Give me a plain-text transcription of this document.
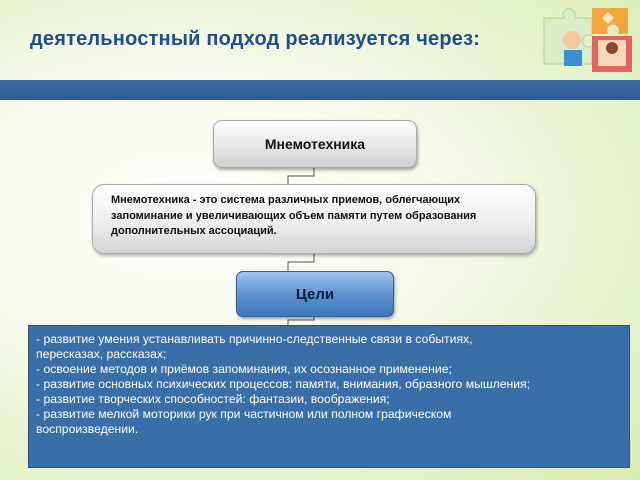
деятельностный подход реализуется через:
Мнемотехника
Мнемотехника - это система различных приемов, облегчающих запоминание и увеличивающих объем памяти путем образования дополнительных ассоциаций.
Цели
- развитие умения устанавливать причинно-следственные связи в событиях,
пересказах, рассказах;
- освоение методов и приёмов запоминания, их осознанное применение;
- развитие основных психических процессов: памяти, внимания, образного мышления;
- развитие творческих способностей: фантазии, воображения;
- развитие мелкой моторики рук при частичном или полном графическом
воспроизведении.
